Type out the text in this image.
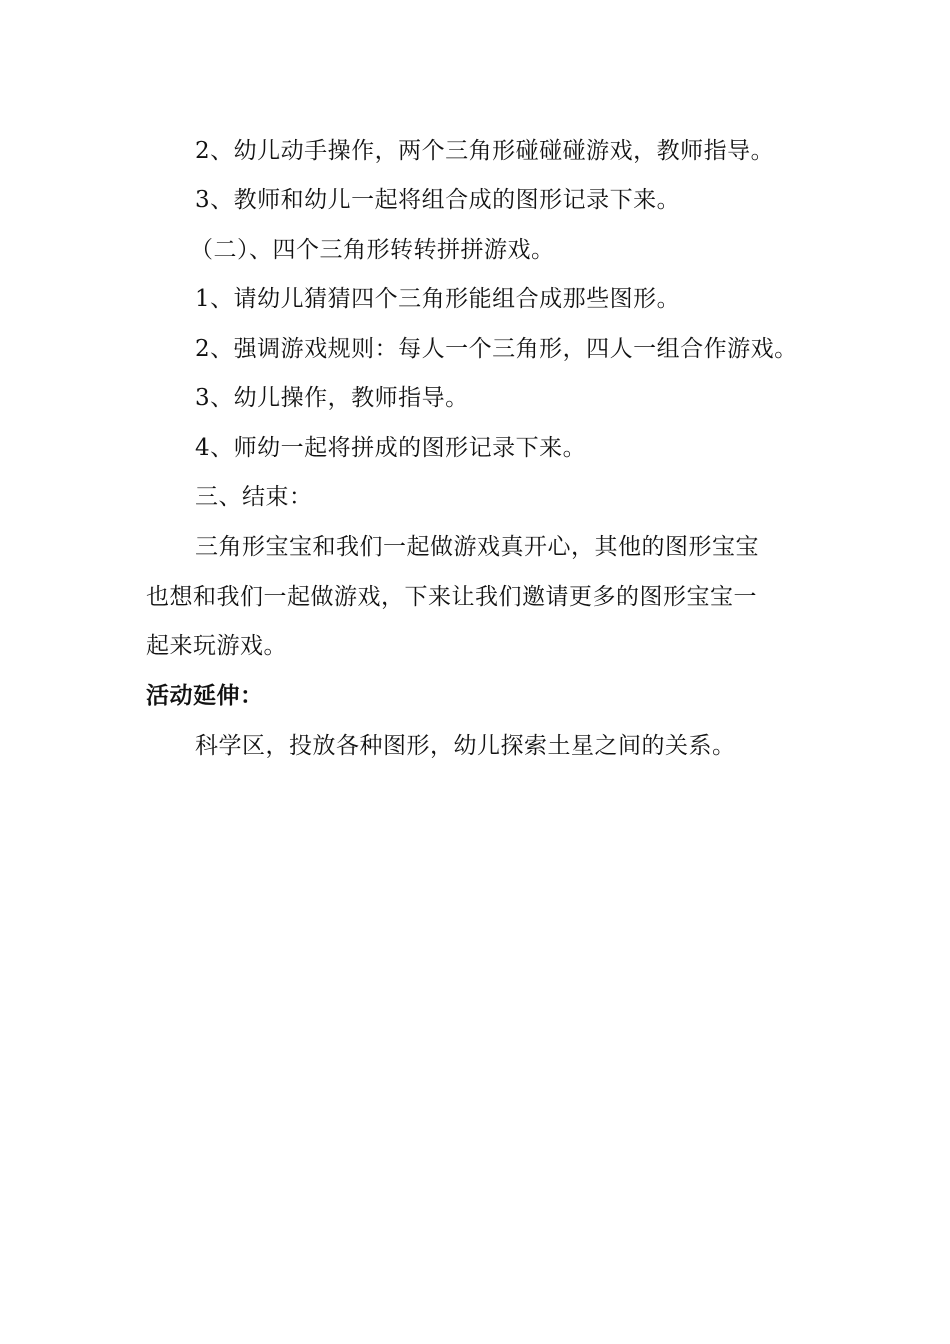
2、幼儿动手操作，两个三角形碰碰碰游戏，教师指导。
3、教师和幼儿一起将组合成的图形记录下来。
（二）、四个三角形转转拼拼游戏。
1、请幼儿猜猜四个三角形能组合成那些图形。
2、强调游戏规则：每人一个三角形，四人一组合作游戏。
3、幼儿操作，教师指导。
4、师幼一起将拼成的图形记录下来。
三、结束：
三角形宝宝和我们一起做游戏真开心，其他的图形宝宝
也想和我们一起做游戏，下来让我们邀请更多的图形宝宝一
起来玩游戏。
活动延伸：
科学区，投放各种图形，幼儿探索土星之间的关系。
